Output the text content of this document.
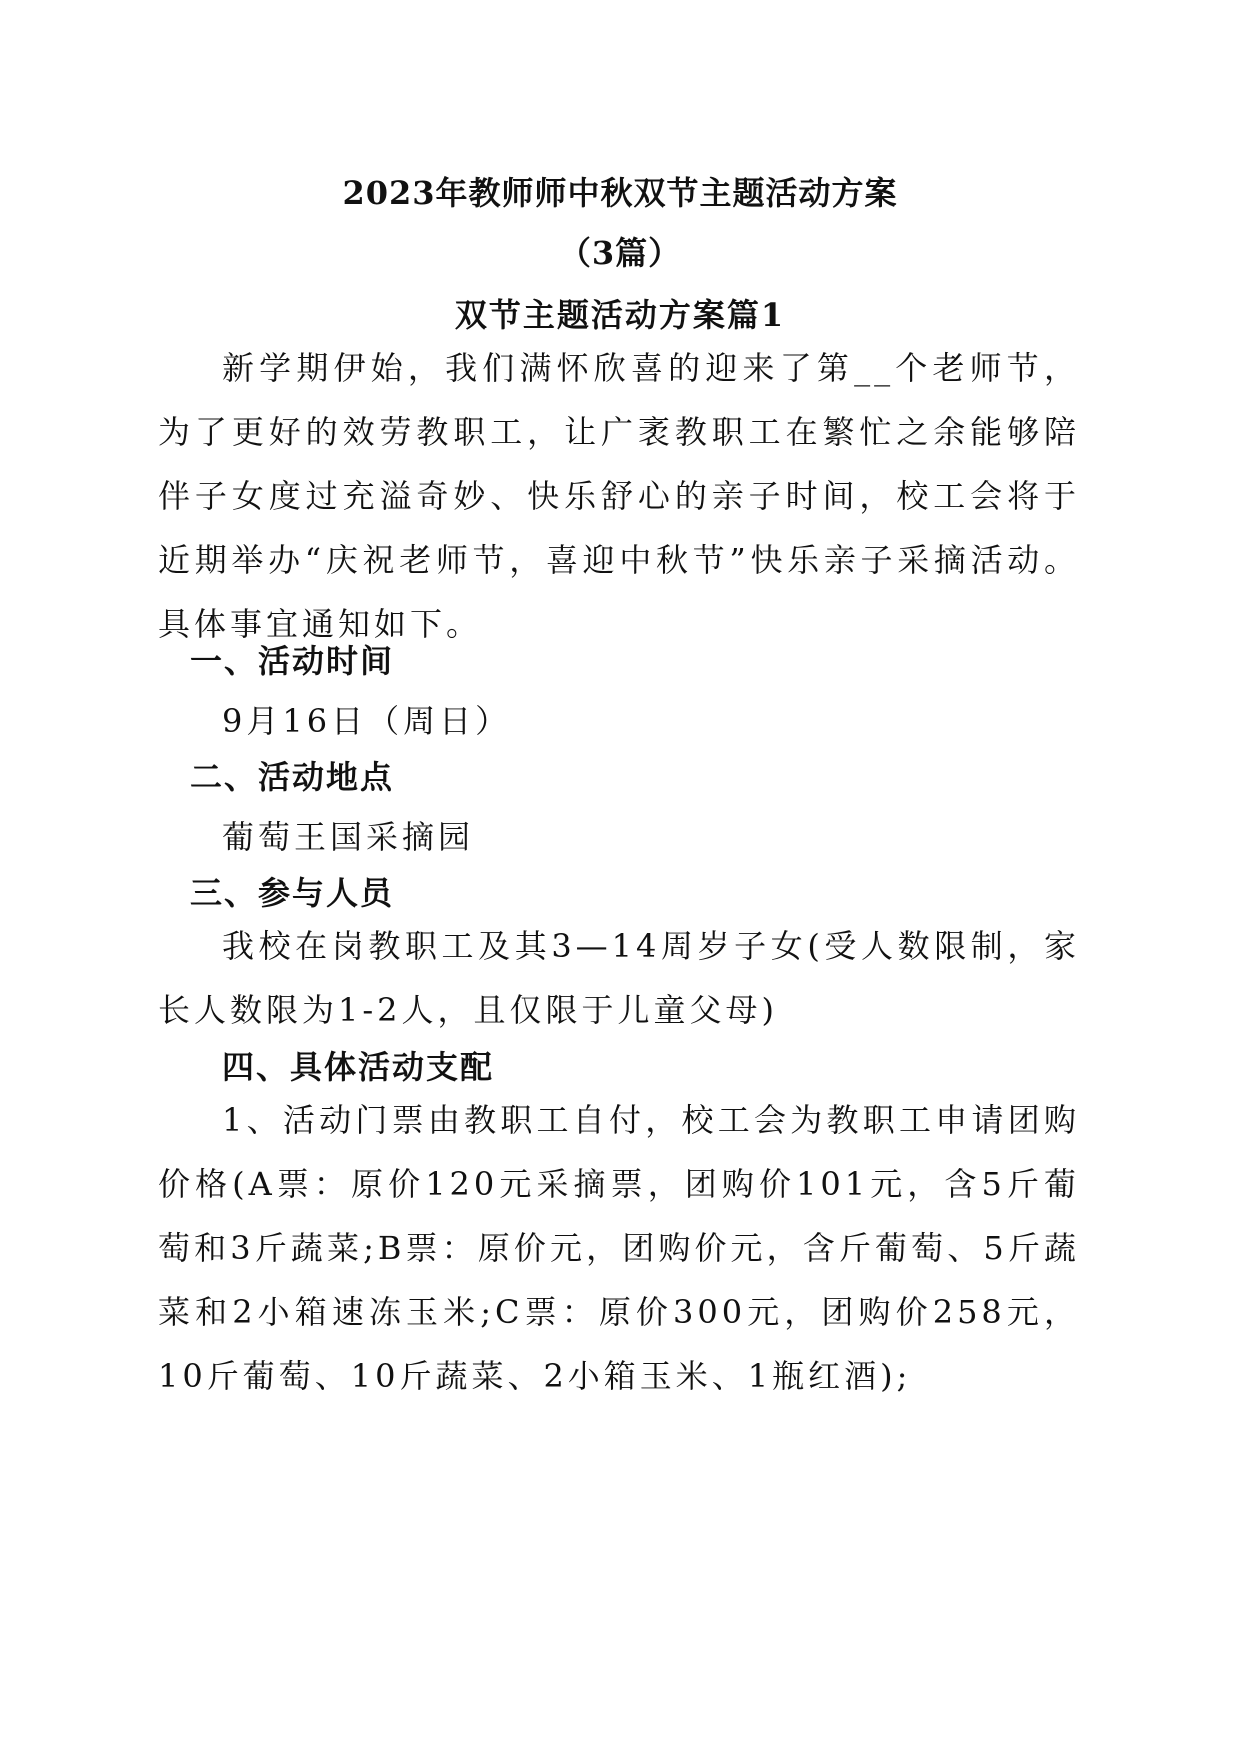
2023年教师师中秋双节主题活动方案
（3篇）
双节主题活动方案篇1

新学期伊始，我们满怀欣喜的迎来了第__个老师节，为了更好的效劳教职工，让广袤教职工在繁忙之余能够陪伴子女度过充溢奇妙、快乐舒心的亲子时间，校工会将于近期举办“庆祝老师节，喜迎中秋节”快乐亲子采摘活动。具体事宜通知如下。

一、活动时间

9月16日（周日）

二、活动地点

葡萄王国采摘园

三、参与人员

我校在岗教职工及其3—14周岁子女(受人数限制，家长人数限为1-2人，且仅限于儿童父母)

四、具体活动支配

1、活动门票由教职工自付，校工会为教职工申请团购价格(A票：原价120元采摘票，团购价101元，含5斤葡萄和3斤蔬菜;B票：原价元，团购价元，含斤葡萄、5斤蔬菜和2小箱速冻玉米;C票：原价300元，团购价258元，10斤葡萄、10斤蔬菜、2小箱玉米、1瓶红酒);
